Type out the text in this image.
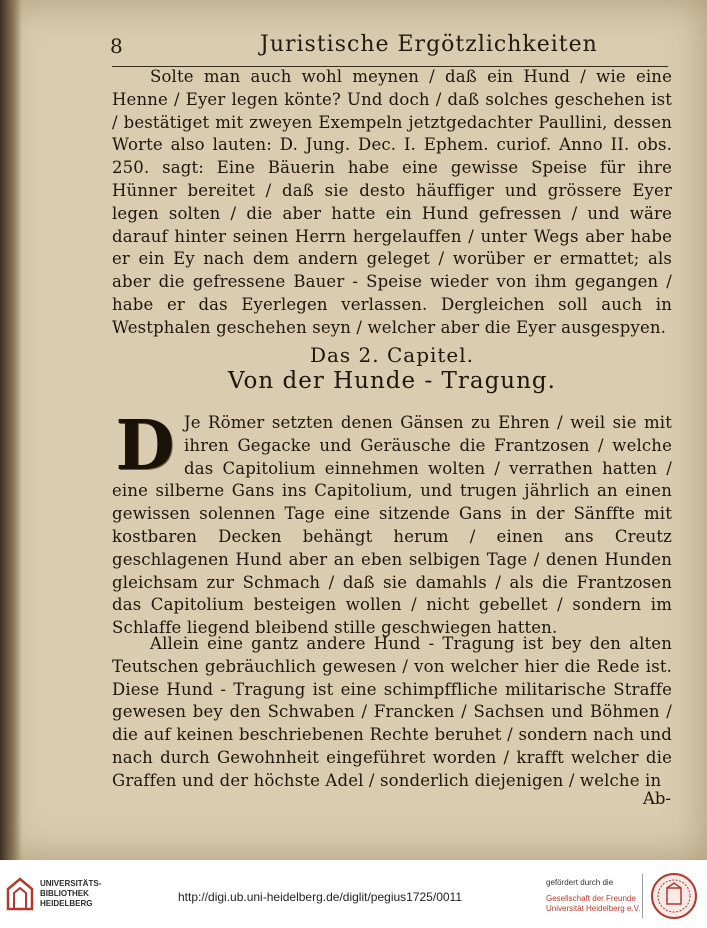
8	Juristische Ergötzlichkeiten
Solte man auch wohl meynen / daß ein Hund / wie eine Henne / Eyer legen könte? Und doch / daß solches geschehen ist / bestätiget mit zweyen Exempeln jetztgedachter Paullini, dessen Worte also lauten: D. Jung. Dec. I. Ephem. curiof. Anno II. obs. 250. sagt: Eine Bäuerin habe eine gewisse Speise für ihre Hünner bereitet / daß sie desto häuffiger und grössere Eyer legen solten / die aber hatte ein Hund gefressen / und wäre darauf hinter seinen Herrn hergelauffen / unter Wegs aber habe er ein Ey nach dem andern geleget / worüber er ermattet; als aber die gefressene Bauer - Speise wieder von ihm gegangen / habe er das Eyerlegen verlassen. Dergleichen soll auch in Westphalen geschehen seyn / welcher aber die Eyer ausgespyen.
Das 2. Capitel.
Von der Hunde - Tragung.
D Je Römer setzten denen Gänsen zu Ehren / weil sie mit ihren Gegacke und Geräusche die Frantzosen / welche das Capitolium einnehmen wolten / verrathen hatten / eine silberne Gans ins Capitolium, und trugen jährlich an einen gewissen solennen Tage eine sitzende Gans in der Sänffte mit kostbaren Decken behängt herum / einen ans Creutz geschlagenen Hund aber an eben selbigen Tage / denen Hunden gleichsam zur Schmach / daß sie damahls / als die Frantzosen das Capitolium besteigen wollen / nicht gebellet / sondern im Schlaffe liegend bleibend stille geschwiegen hatten.
Allein eine gantz andere Hund - Tragung ist bey den alten Teutschen gebräuchlich gewesen / von welcher hier die Rede ist. Diese Hund - Tragung ist eine schimpffliche militarische Straffe gewesen bey den Schwaben / Francken / Sachsen und Böhmen / die auf keinen beschriebenen Rechte beruhet / sondern nach und nach durch Gewohnheit eingeführet worden / krafft welcher die Graffen und der höchste Adel / sonderlich diejenigen / welche in
Ab-
UNIVERSITÄTS-
BIBLIOTHEK
HEIDELBERG	http://digi.ub.uni-heidelberg.de/diglit/pegius1725/0011
gefördert durch die
Gesellschaft der Freunde
Universität Heidelberg e.V.
